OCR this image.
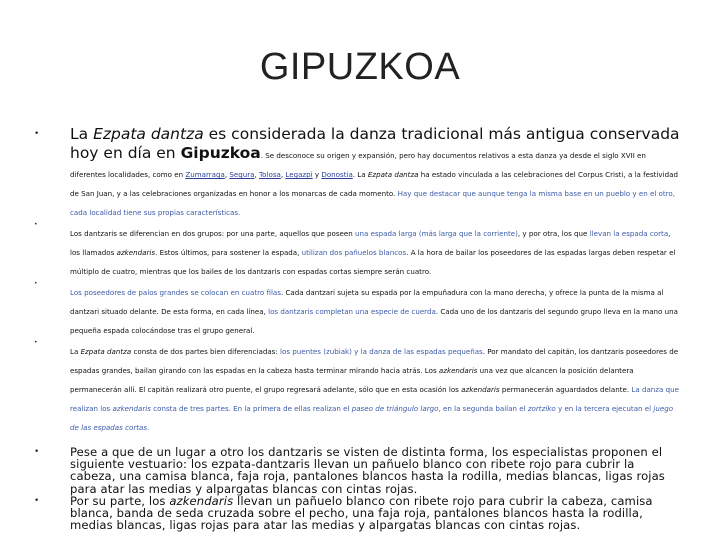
GIPUZKOA
• La Ezpata dantza es considerada la danza tradicional más antigua conservada hoy en día en Gipuzkoa. Se desconoce su origen y expansión, pero hay documentos relativos a esta danza ya desde el siglo XVII en diferentes localidades, como en Zumarraga, Segura, Tolosa, Legazpi y Donostia. La Ezpata dantza ha estado vinculada a las celebraciones del Corpus Cristi, a la festividad de San Juan, y a las celebraciones organizadas en honor a los monarcas de cada momento. Hay que destacar que aunque tenga la misma base en un pueblo y en el otro, cada localidad tiene sus propias características.
•
Los dantzaris se diferencian en dos grupos: por una parte, aquellos que poseen una espada larga (más larga que la corriente), y por otra, los que llevan la espada corta, los llamados azkendaris. Estos últimos, para sostener la espada, utilizan dos pañuelos blancos. A la hora de bailar los poseedores de las espadas largas deben respetar el múltiplo de cuatro, mientras que los bailes de los dantzaris con espadas cortas siempre serán cuatro.
•
Los poseedores de palos grandes se colocan en cuatro filas. Cada dantzari sujeta su espada por la empuñadura con la mano derecha, y ofrece la punta de la misma al dantzari situado delante. De esta forma, en cada línea, los dantzaris completan una especie de cuerda. Cada uno de los dantzaris del segundo grupo lleva en la mano una pequeña espada colocándose tras el grupo general.
•
La Ezpata dantza consta de dos partes bien diferenciadas: los puentes (zubiak) y la danza de las espadas pequeñas. Por mandato del capitán, los dantzaris poseedores de espadas grandes, bailan girando con las espadas en la cabeza hasta terminar mirando hacia atrás. Los azkendaris una vez que alcancen la posición delantera permanecerán allí. El capitán realizará otro puente, el grupo regresará adelante, sólo que en esta ocasión los azkendaris permanecerán aguardados delante. La danza que realizan los azkendaris consta de tres partes. En la primera de ellas realizan el paseo de triángulo largo, en la segunda bailan el zortziko y en la tercera ejecutan el juego de las espadas cortas.
•	Pese a que de un lugar a otro los dantzaris se visten de distinta forma, los especialistas proponen el siguiente vestuario: los ezpata-dantzaris llevan un pañuelo blanco con ribete rojo para cubrir la cabeza, una camisa blanca, faja roja, pantalones blancos hasta la rodilla, medias blancas, ligas rojas para atar las medias y alpargatas blancas con cintas rojas.
•	Por su parte, los azkendaris llevan un pañuelo blanco con ribete rojo para cubrir la cabeza, camisa blanca, banda de seda cruzada sobre el pecho, una faja roja, pantalones blancos hasta la rodilla, medias blancas, ligas rojas para atar las medias y alpargatas blancas con cintas rojas.
